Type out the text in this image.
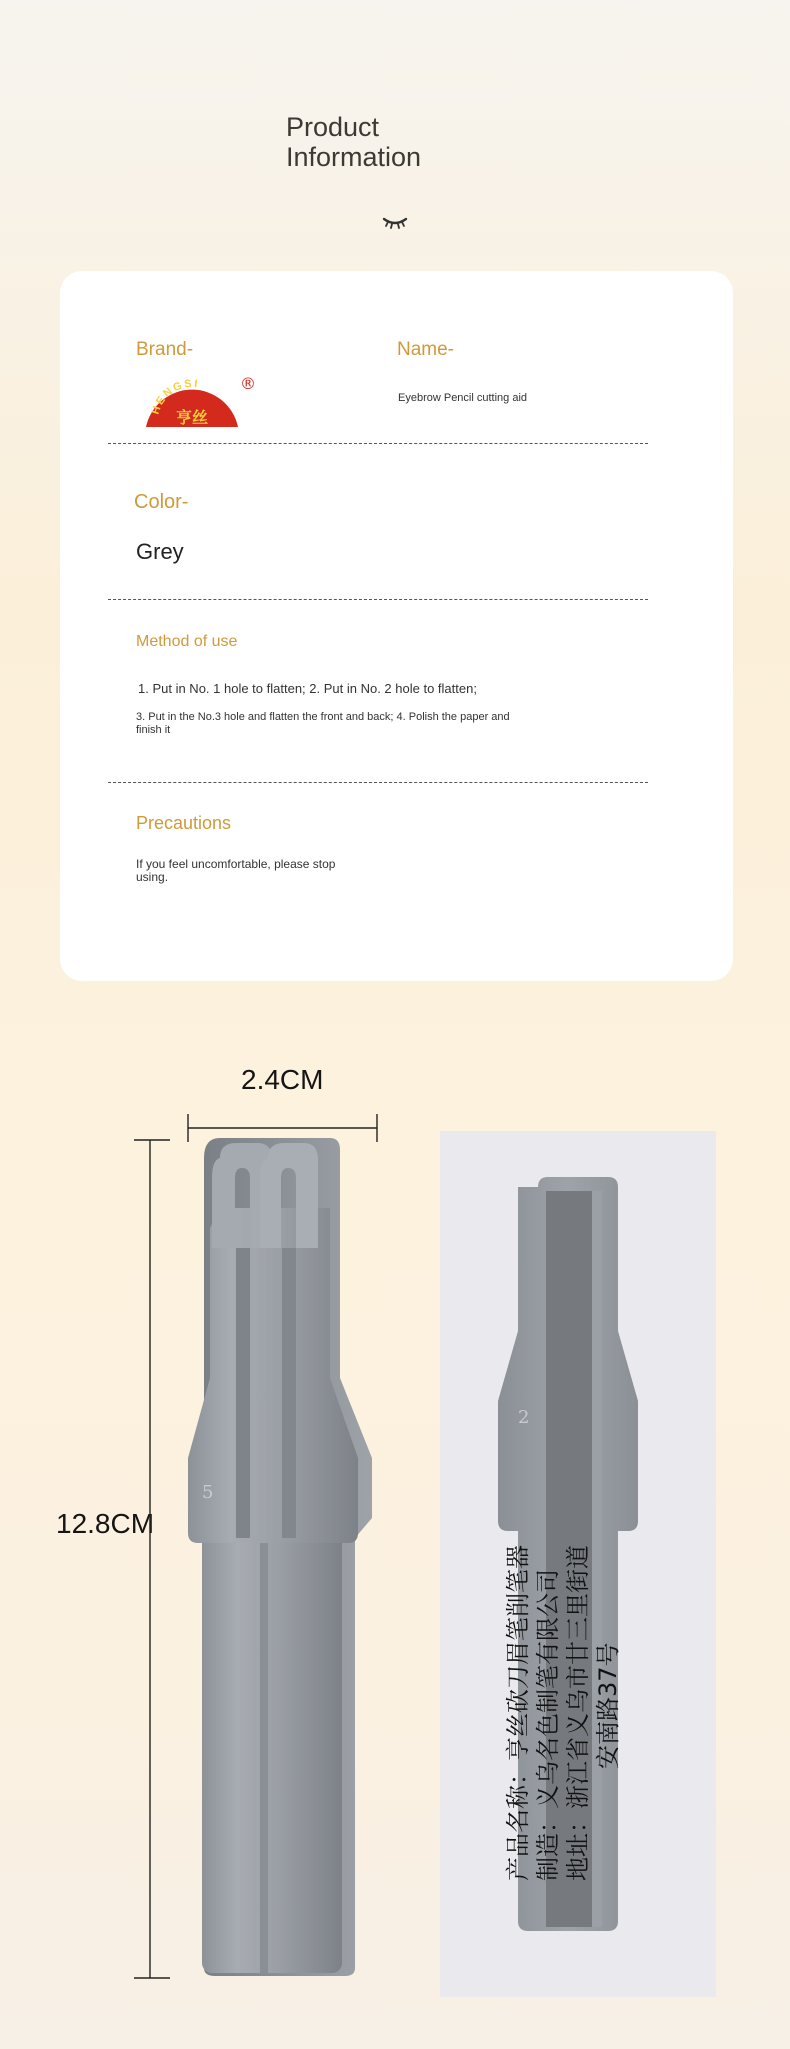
Product
Information
Brand-	Name-
HENGSI
亨丝
®
Eyebrow Pencil cutting aid
Color-
Grey
Method of use
1. Put in No. 1 hole to flatten; 2. Put in No. 2 hole to flatten;
3. Put in the No.3 hole and flatten the front and back; 4. Polish the paper and
finish it
Precautions
If you feel uncomfortable, please stop
using.
2.4CM
12.8CM
5
2
产品名称：亨丝砍刀眉笔削笔器 制造：义乌名色制笔有限公司 地址：浙江省义乌市廿三里街道 安南路37号
